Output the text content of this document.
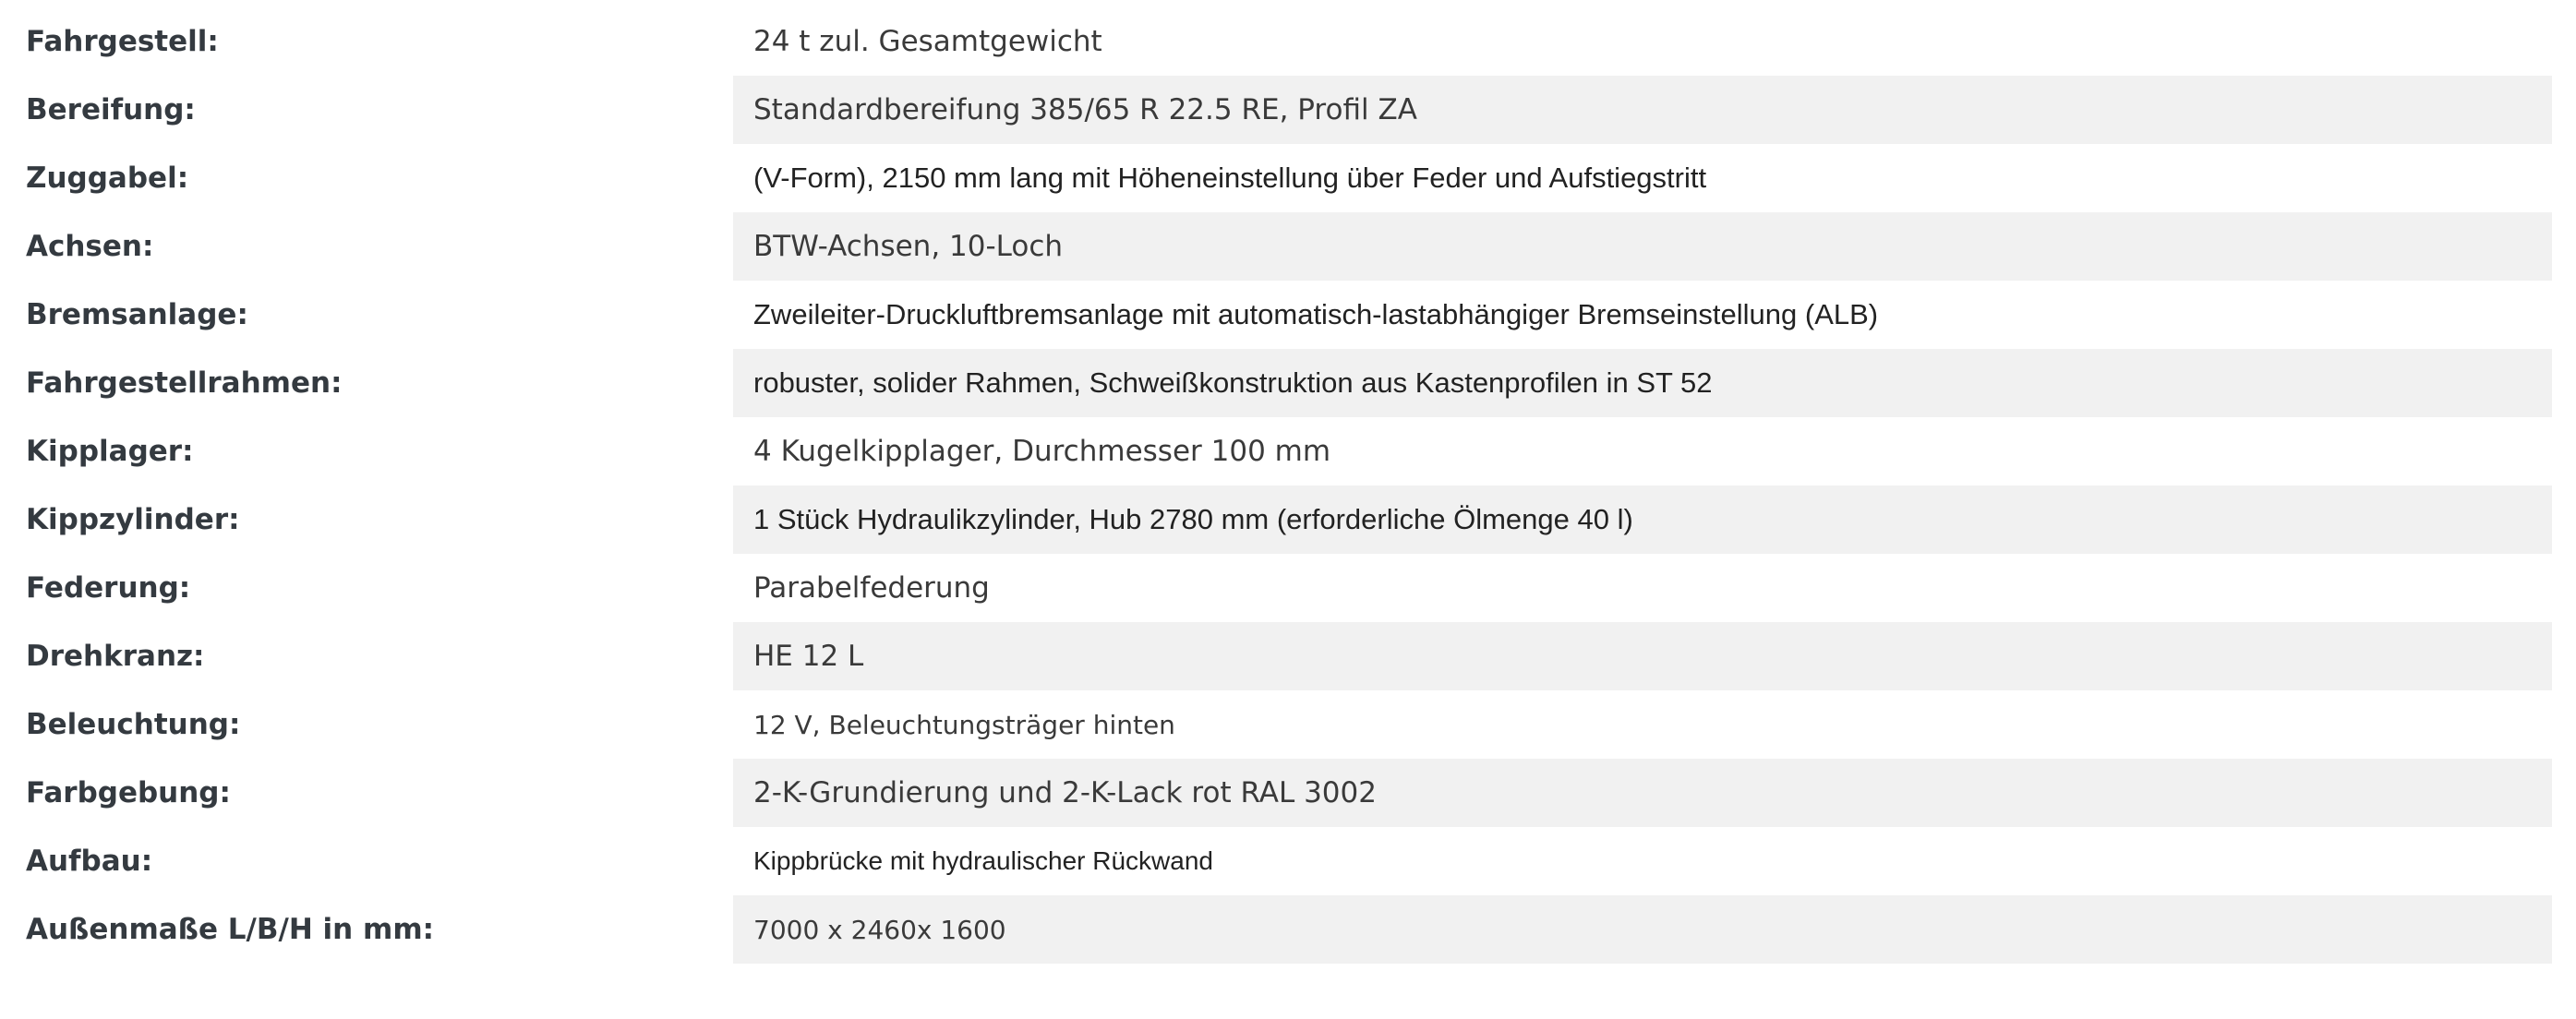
Fahrgestell:	24 t zul. Gesamtgewicht
Bereifung:	Standardbereifung 385/65 R 22.5 RE, Profil ZA
Zuggabel:	(V-Form), 2150 mm lang mit Höheneinstellung über Feder und Aufstiegstritt
Achsen:	BTW-Achsen, 10-Loch
Bremsanlage:	Zweileiter-Druckluftbremsanlage mit automatisch-lastabhängiger Bremseinstellung (ALB)
Fahrgestellrahmen:	robuster, solider Rahmen, Schweißkonstruktion aus Kastenprofilen in ST 52
Kipplager:	4 Kugelkipplager, Durchmesser 100 mm
Kippzylinder:	1 Stück Hydraulikzylinder, Hub 2780 mm (erforderliche Ölmenge 40 l)
Federung:	Parabelfederung
Drehkranz:	HE 12 L
Beleuchtung:	12 V, Beleuchtungsträger hinten
Farbgebung:	2-K-Grundierung und 2-K-Lack rot RAL 3002
Aufbau:	Kippbrücke mit hydraulischer Rückwand
Außenmaße L/B/H in mm:	7000 x 2460x 1600
